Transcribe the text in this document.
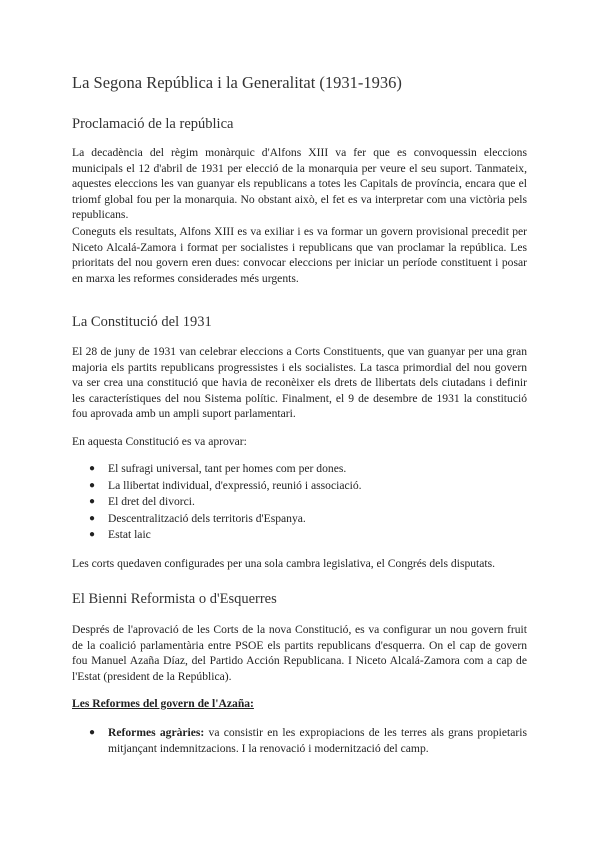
La Segona República i la Generalitat (1931-1936)
Proclamació de la república

La decadència del règim monàrquic d'Alfons XIII va fer que es convoquessin eleccions municipals el 12 d'abril de 1931 per elecció de la monarquia per veure el seu suport. Tanmateix, aquestes eleccions les van guanyar els republicans a totes les Capitals de província, encara que el triomf global fou per la monarquia. No obstant això, el fet es va interpretar com una victòria pels republicans.

Coneguts els resultats, Alfons XIII es va exiliar i es va formar un govern provisional precedit per Niceto Alcalá-Zamora i format per socialistes i republicans que van proclamar la república. Les prioritats del nou govern eren dues: convocar eleccions per iniciar un període constituent i posar en marxa les reformes considerades més urgents.

La Constitució del 1931

El 28 de juny de 1931 van celebrar eleccions a Corts Constituents, que van guanyar per una gran majoria els partits republicans progressistes i els socialistes. La tasca primordial del nou govern va ser crea una constitució que havia de reconèixer els drets de llibertats dels ciutadans i definir les característiques del nou Sistema polític. Finalment, el 9 de desembre de 1931 la constitució fou aprovada amb un ampli suport parlamentari.

En aquesta Constitució es va aprovar:

● El sufragi universal, tant per homes com per dones.
● La llibertat individual, d'expressió, reunió i associació.
● El dret del divorci.
● Descentralització dels territoris d'Espanya.
● Estat laic

Les corts quedaven configurades per una sola cambra legislativa, el Congrés dels disputats.

El Bienni Reformista o d'Esquerres

Després de l'aprovació de les Corts de la nova Constitució, es va configurar un nou govern fruit de la coalició parlamentària entre PSOE els partits republicans d'esquerra. On el cap de govern fou Manuel Azaña Díaz, del Partido Acción Republicana. I Niceto Alcalá-Zamora com a cap de l'Estat (president de la República).

Les Reformes del govern de l'Azaña:

● Reformes agràries: va consistir en les expropiacions de les terres als grans propietaris mitjançant indemnitzacions. I la renovació i modernització del camp.
